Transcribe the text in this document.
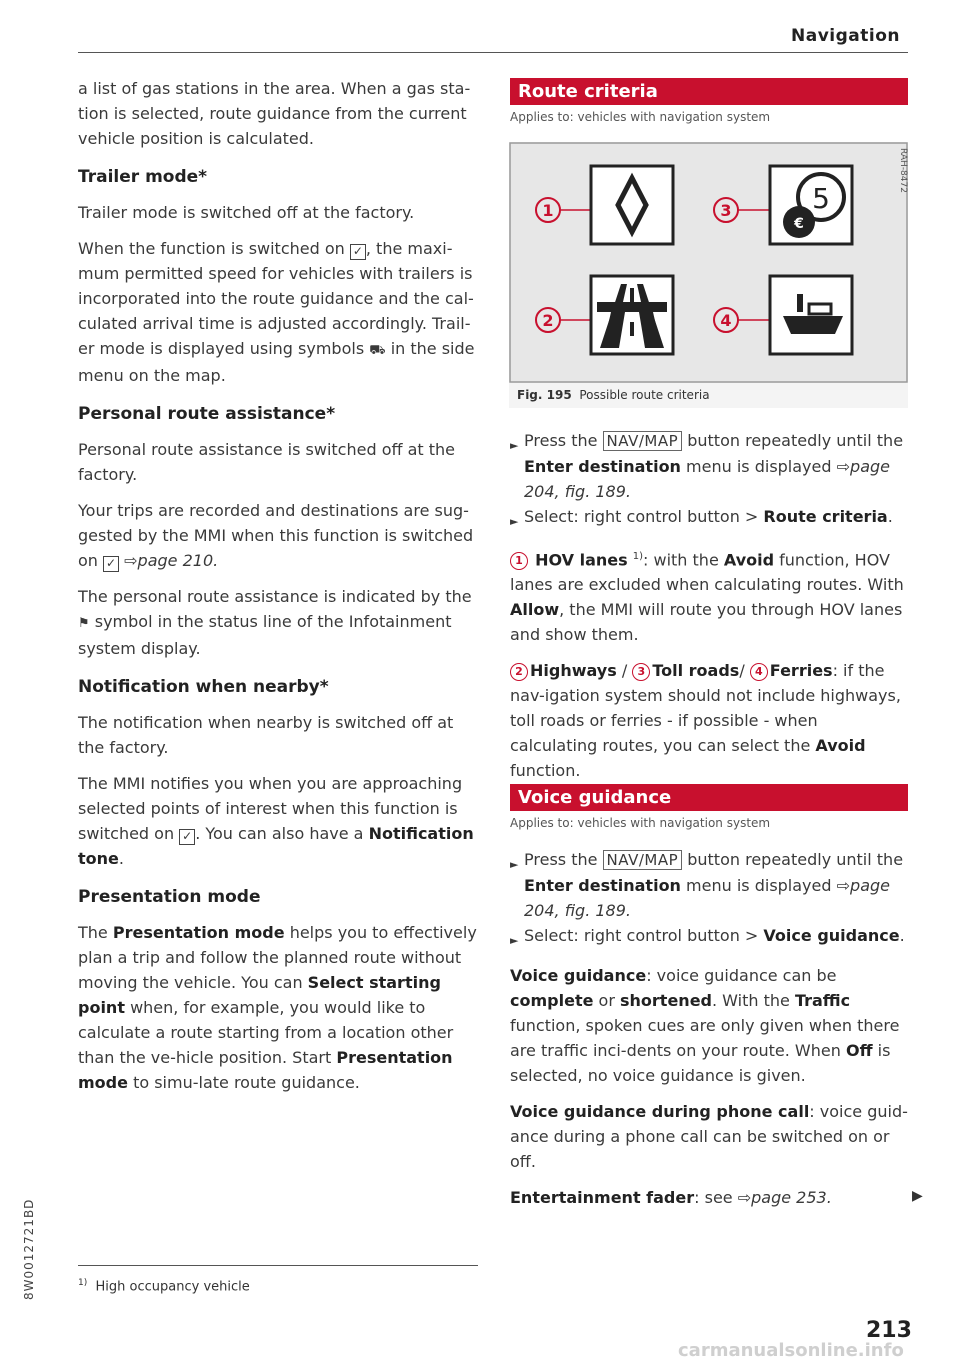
Navigation
8W0012721BD

a list of gas stations in the area. When a gas sta-tion is selected, route guidance from the current vehicle position is calculated.

Trailer mode*

Trailer mode is switched off at the factory.

When the function is switched on ✓ , the maxi-mum permitted speed for vehicles with trailers is incorporated into the route guidance and the cal-culated arrival time is adjusted accordingly. Trail-er mode is displayed using symbols ⛟ in the side menu on the map.

Personal route assistance*

Personal route assistance is switched off at the factory.

Your trips are recorded and destinations are sug-gested by the MMI when this function is switched on ✓ ⇨page 210.

The personal route assistance is indicated by the
⚑ symbol in the status line of the Infotainment system display.

Notification when nearby*

The notification when nearby is switched off at the factory.

The MMI notifies you when you are approaching selected points of interest when this function is switched on ✓ . You can also have a Notification tone.

Presentation mode

The Presentation mode helps you to effectively plan a trip and follow the planned route without moving the vehicle. You can Select starting point when, for example, you would like to calculate a route starting from a location other than the ve-hicle position. Start Presentation mode to simu-late route guidance.

$^{1)}$ High occupancy vehicle
Route criteria
Applies to: vehicles with navigation system
1	3	5
€
2	4
RAH-8472
Fig. 195 Possible route criteria

► Press the NAV/MAP button repeatedly until the Enter destination menu is displayed ⇨page 204, fig. 189.

► Select: right control button > Route criteria.

1 HOV lanes $^{1)}$: with the Avoid function, HOV lanes are excluded when calculating routes. With Allow, the MMI will route you through HOV lanes and show them.

2 Highways / 3 Toll roads/ 4 Ferries: if the nav-igation system should not include highways, toll roads or ferries - if possible - when calculating routes, you can select the Avoid function.

Voice guidance
Applies to: vehicles with navigation system

► Press the NAV/MAP button repeatedly until the Enter destination menu is displayed ⇨page 204, fig. 189.

► Select: right control button > Voice guidance.

Voice guidance: voice guidance can be complete or shortened. With the Traffic function, spoken cues are only given when there are traffic inci-dents on your route. When Off is selected, no voice guidance is given.

Voice guidance during phone call: voice guid-ance during a phone call can be switched on or off.

Entertainment fader: see ⇨page 253.	▶
213
carmanualsonline.info
